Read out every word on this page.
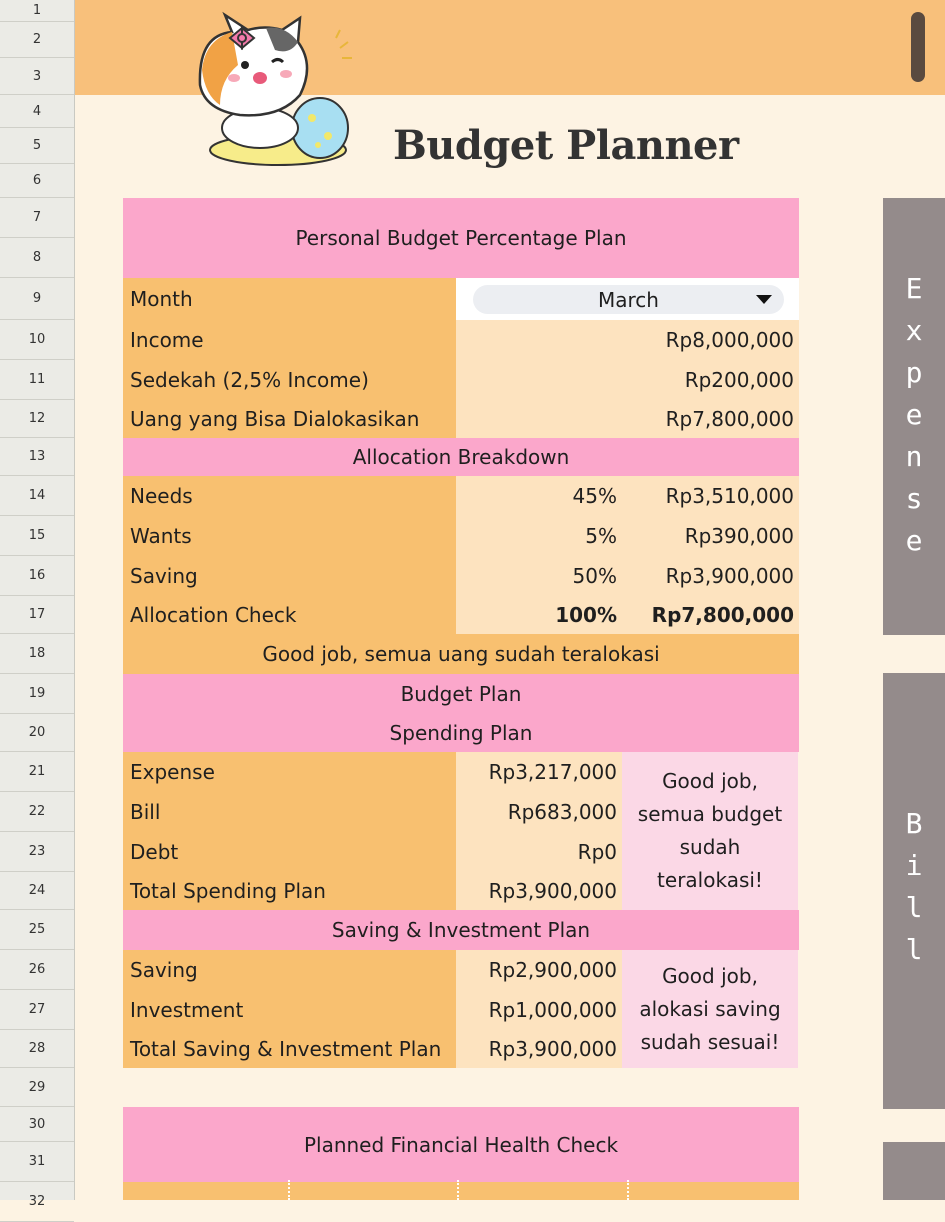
1
2
3
4
5
6
7
8
9
10
11
12
13
14
15
16
17
18
19
20
21
22
23
24
25
26
27
28
29
30
31
32
Budget Planner
E
x
p
e
n
s
e
B
i
l
l
Personal Budget Percentage Plan
Month	March
Income	Rp8,000,000
Sedekah (2,5% Income)	Rp200,000
Uang yang Bisa Dialokasikan	Rp7,800,000
Allocation Breakdown
Needs	45%	Rp3,510,000
Wants	5%	Rp390,000
Saving	50%	Rp3,900,000
Allocation Check	100%	Rp7,800,000
Good job, semua uang sudah teralokasi
Budget Plan
Spending Plan
Expense	Rp3,217,000
Bill	Rp683,000
Debt	Rp0
Total Spending Plan	Rp3,900,000
Good job,
semua budget
sudah
teralokasi!
Saving & Investment Plan
Saving	Rp2,900,000
Investment	Rp1,000,000
Total Saving & Investment Plan	Rp3,900,000
Good job,
alokasi saving
sudah sesuai!
Planned Financial Health Check
